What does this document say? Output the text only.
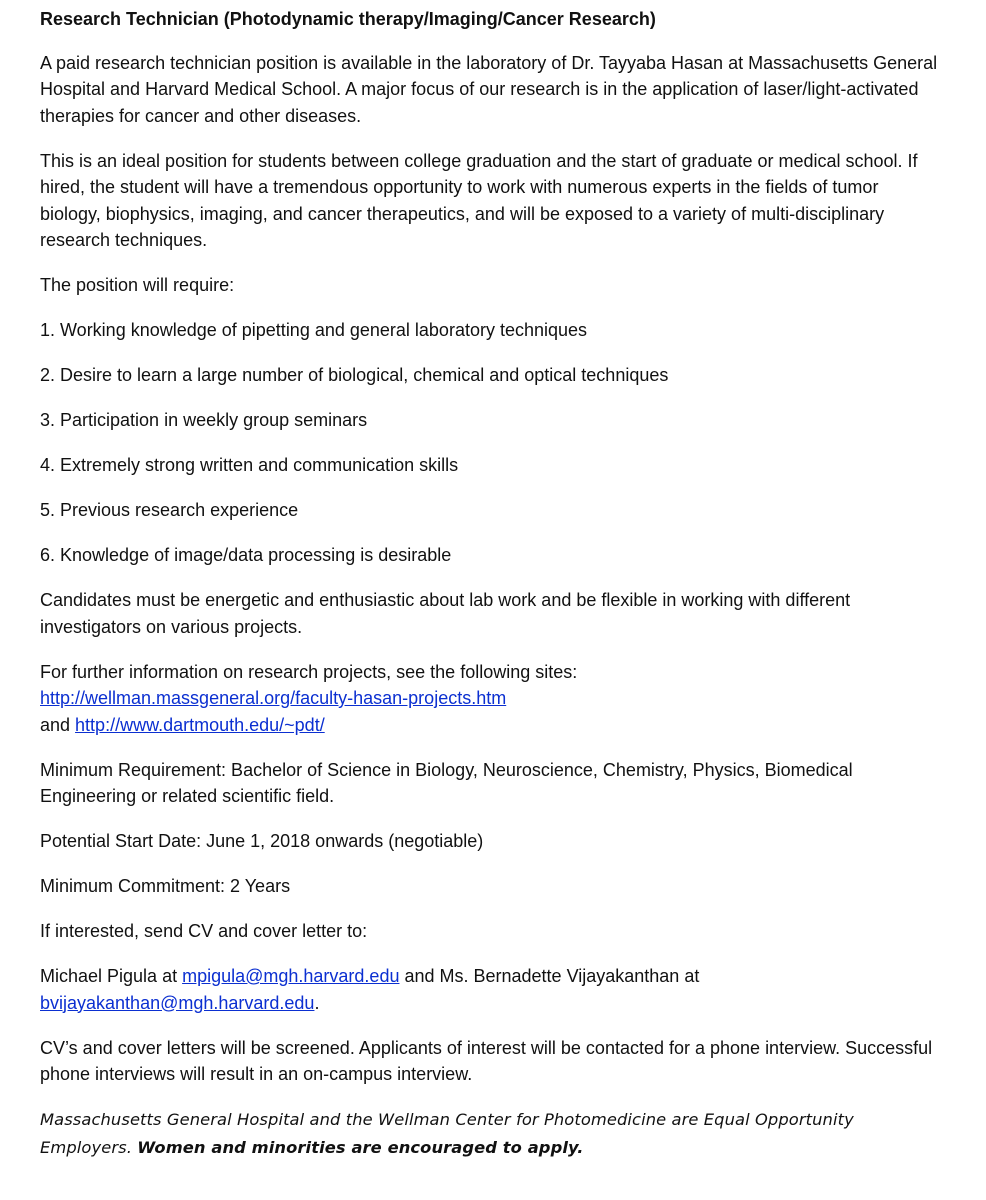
Research Technician (Photodynamic therapy/Imaging/Cancer Research)

A paid research technician position is available in the laboratory of Dr. Tayyaba Hasan at Massachusetts General Hospital and Harvard Medical School. A major focus of our research is in the application of laser/light-activated therapies for cancer and other diseases.

This is an ideal position for students between college graduation and the start of graduate or medical school. If hired, the student will have a tremendous opportunity to work with numerous experts in the fields of tumor biology, biophysics, imaging, and cancer therapeutics, and will be exposed to a variety of multi-disciplinary research techniques.

The position will require:

1. Working knowledge of pipetting and general laboratory techniques
2. Desire to learn a large number of biological, chemical and optical techniques
3. Participation in weekly group seminars
4. Extremely strong written and communication skills
5. Previous research experience
6. Knowledge of image/data processing is desirable

Candidates must be energetic and enthusiastic about lab work and be flexible in working with different investigators on various projects.

For further information on research projects, see the following sites:
http://wellman.massgeneral.org/faculty-hasan-projects.htm
and http://www.dartmouth.edu/~pdt/

Minimum Requirement: Bachelor of Science in Biology, Neuroscience, Chemistry, Physics, Biomedical Engineering or related scientific field.

Potential Start Date: June 1, 2018 onwards (negotiable)

Minimum Commitment: 2 Years

If interested, send CV and cover letter to:

Michael Pigula at mpigula@mgh.harvard.edu and Ms. Bernadette Vijayakanthan at bvijayakanthan@mgh.harvard.edu.

CV’s and cover letters will be screened. Applicants of interest will be contacted for a phone interview. Successful phone interviews will result in an on-campus interview.

Massachusetts General Hospital and the Wellman Center for Photomedicine are Equal Opportunity Employers. Women and minorities are encouraged to apply.
